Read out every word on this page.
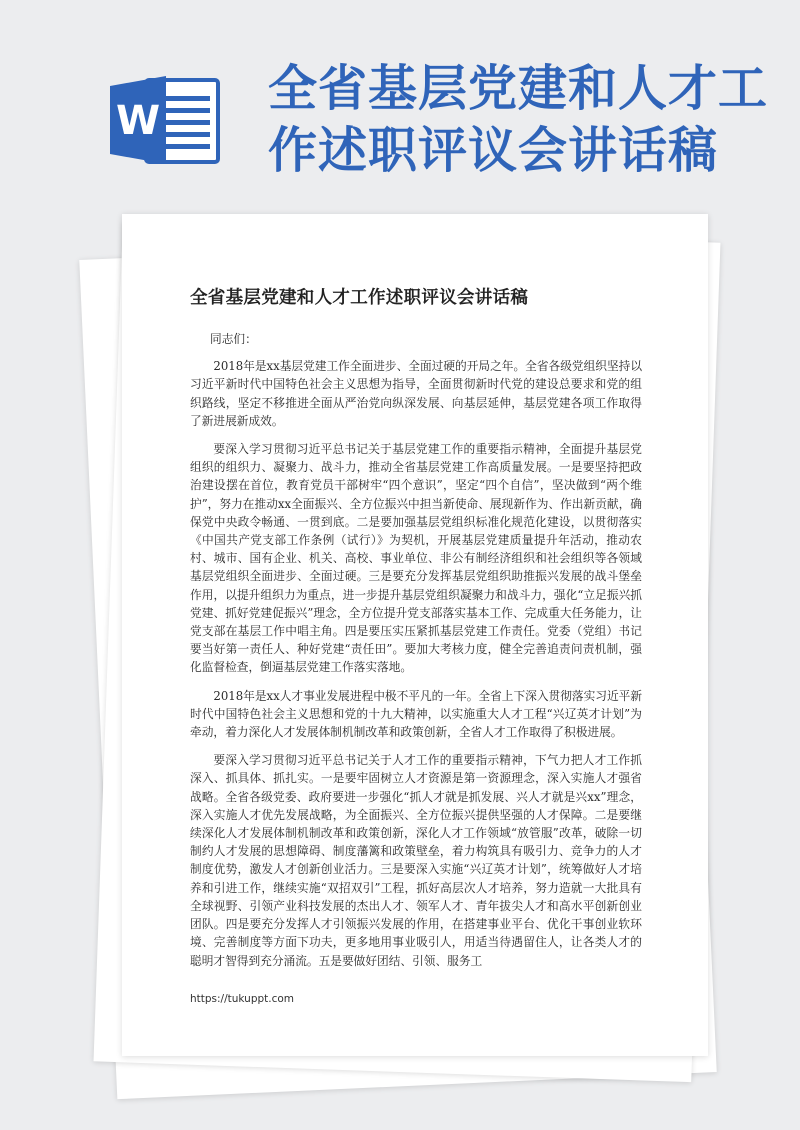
W
全省基层党建和人才工
作述职评议会讲话稿
全省基层党建和人才工作述职评议会讲话稿

同志们：

2018年是xx基层党建工作全面进步、全面过硬的开局之年。全省各级党组织坚持以习近平新时代中国特色社会主义思想为指导，全面贯彻新时代党的建设总要求和党的组织路线，坚定不移推进全面从严治党向纵深发展、向基层延伸，基层党建各项工作取得了新进展新成效。

要深入学习贯彻习近平总书记关于基层党建工作的重要指示精神，全面提升基层党组织的组织力、凝聚力、战斗力，推动全省基层党建工作高质量发展。一是要坚持把政治建设摆在首位，教育党员干部树牢“四个意识”，坚定“四个自信”，坚决做到“两个维护”，努力在推动xx全面振兴、全方位振兴中担当新使命、展现新作为、作出新贡献，确保党中央政令畅通、一贯到底。二是要加强基层党组织标准化规范化建设，以贯彻落实《中国共产党支部工作条例（试行）》为契机，开展基层党建质量提升年活动，推动农村、城市、国有企业、机关、高校、事业单位、非公有制经济组织和社会组织等各领域基层党组织全面进步、全面过硬。三是要充分发挥基层党组织助推振兴发展的战斗堡垒作用，以提升组织力为重点，进一步提升基层党组织凝聚力和战斗力，强化“立足振兴抓党建、抓好党建促振兴”理念，全方位提升党支部落实基本工作、完成重大任务能力，让党支部在基层工作中唱主角。四是要压实压紧抓基层党建工作责任。党委（党组）书记要当好第一责任人、种好党建“责任田”。要加大考核力度，健全完善追责问责机制，强化监督检查，倒逼基层党建工作落实落地。

2018年是xx人才事业发展进程中极不平凡的一年。全省上下深入贯彻落实习近平新时代中国特色社会主义思想和党的十九大精神，以实施重大人才工程“兴辽英才计划”为牵动，着力深化人才发展体制机制改革和政策创新，全省人才工作取得了积极进展。

要深入学习贯彻习近平总书记关于人才工作的重要指示精神，下气力把人才工作抓深入、抓具体、抓扎实。一是要牢固树立人才资源是第一资源理念，深入实施人才强省战略。全省各级党委、政府要进一步强化“抓人才就是抓发展、兴人才就是兴xx”理念，深入实施人才优先发展战略，为全面振兴、全方位振兴提供坚强的人才保障。二是要继续深化人才发展体制机制改革和政策创新，深化人才工作领域“放管服”改革，破除一切制约人才发展的思想障碍、制度藩篱和政策壁垒，着力构筑具有吸引力、竞争力的人才制度优势，激发人才创新创业活力。三是要深入实施“兴辽英才计划”，统筹做好人才培养和引进工作，继续实施“双招双引”工程，抓好高层次人才培养，努力造就一大批具有全球视野、引领产业科技发展的杰出人才、领军人才、青年拔尖人才和高水平创新创业团队。四是要充分发挥人才引领振兴发展的作用，在搭建事业平台、优化干事创业软环境、完善制度等方面下功夫，更多地用事业吸引人，用适当待遇留住人，让各类人才的聪明才智得到充分涌流。五是要做好团结、引领、服务工

https://tukuppt.com
